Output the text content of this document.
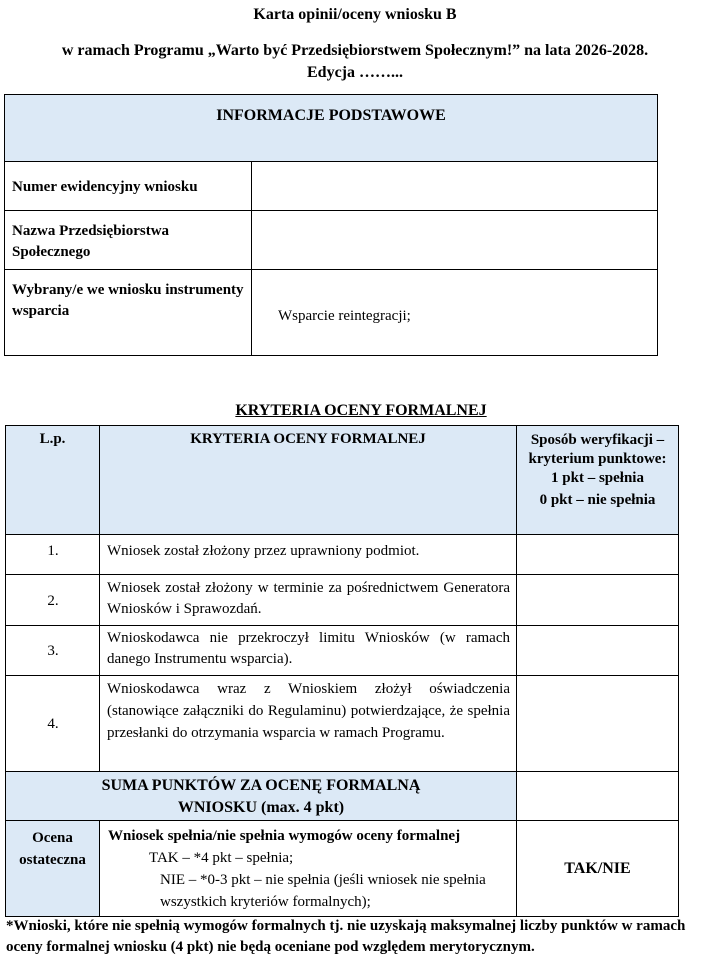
Karta opinii/oceny wniosku B
w ramach Programu „Warto być Przedsiębiorstwem Społecznym!” na lata 2026-2028.
Edycja ……...
INFORMACJE PODSTAWOWE	

Numer ewidencyjny wniosku	

Nazwa Przedsiębiorstwa Społecznego	

Wybrany/e we wniosku instrumenty wsparcia	Wsparcie reintegracji;
KRYTERIA OCENY FORMALNEJ
L.p.	KRYTERIA OCENY FORMALNEJ	Sposób weryfikacji – kryterium punktowe:
1 pkt – spełnia
0 pkt – nie spełnia

1.	Wniosek został złożony przez uprawniony podmiot.	

2.	Wniosek został złożony w terminie za pośrednictwem Generatora Wniosków i Sprawozdań.	

3.	Wnioskodawca nie przekroczył limitu Wniosków (w ramach danego Instrumentu wsparcia).	

4.	Wnioskodawca wraz z Wnioskiem złożył oświadczenia (stanowiące załączniki do Regulaminu) potwierdzające, że spełnia przesłanki do otrzymania wsparcia w ramach Programu.	

SUMA PUNKTÓW ZA OCENĘ FORMALNĄ WNIOSKU (max. 4 pkt)		

Ocena ostateczna	Wniosek spełnia/nie spełnia wymogów oceny formalnej
TAK – *4 pkt – spełnia;
NIE – *0-3 pkt – nie spełnia (jeśli wniosek nie spełnia wszystkich kryteriów formalnych);	TAK/NIE
*Wnioski, które nie spełnią wymogów formalnych tj. nie uzyskają maksymalnej liczby punktów w ramach oceny formalnej wniosku (4 pkt) nie będą oceniane pod względem merytorycznym.
